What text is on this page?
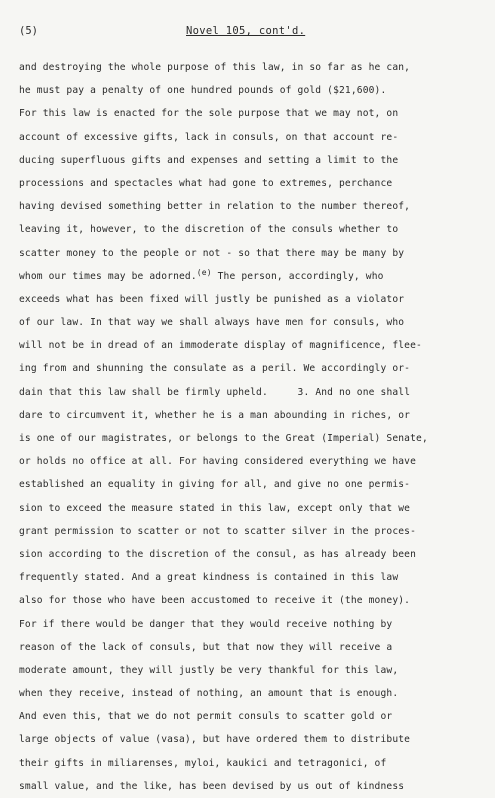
(5)	Novel 105, cont'd.
and destroying the whole purpose of this law, in so far as he can,
he must pay a penalty of one hundred pounds of gold ($21,600).
For this law is enacted for the sole purpose that we may not, on
account of excessive gifts, lack in consuls, on that account re-
ducing superfluous gifts and expenses and setting a limit to the
processions and spectacles what had gone to extremes, perchance
having devised something better in relation to the number thereof,
leaving it, however, to the discretion of the consuls whether to
scatter money to the people or not - so that there may be many by
whom our times may be adorned.$^{(e)}$ The person, accordingly, who
exceeds what has been fixed will justly be punished as a violator
of our law. In that way we shall always have men for consuls, who
will not be in dread of an immoderate display of magnificence, flee-
ing from and shunning the consulate as a peril. We accordingly or-
dain that this law shall be firmly upheld.	3. And no one shall
dare to circumvent it, whether he is a man abounding in riches, or
is one of our magistrates, or belongs to the Great (Imperial) Senate,
or holds no office at all. For having considered everything we have
established an equality in giving for all, and give no one permis-
sion to exceed the measure stated in this law, except only that we
grant permission to scatter or not to scatter silver in the proces-
sion according to the discretion of the consul, as has already been
frequently stated. And a great kindness is contained in this law
also for those who have been accustomed to receive it (the money).
For if there would be danger that they would receive nothing by
reason of the lack of consuls, but that now they will receive a
moderate amount, they will justly be very thankful for this law,
when they receive, instead of nothing, an amount that is enough.
And even this, that we do not permit consuls to scatter gold or
large objects of value (vasa), but have ordered them to distribute
their gifts in miliarenses, myloi, kaukici and tetragonici, of
small value, and the like, has been devised by us out of kindness
